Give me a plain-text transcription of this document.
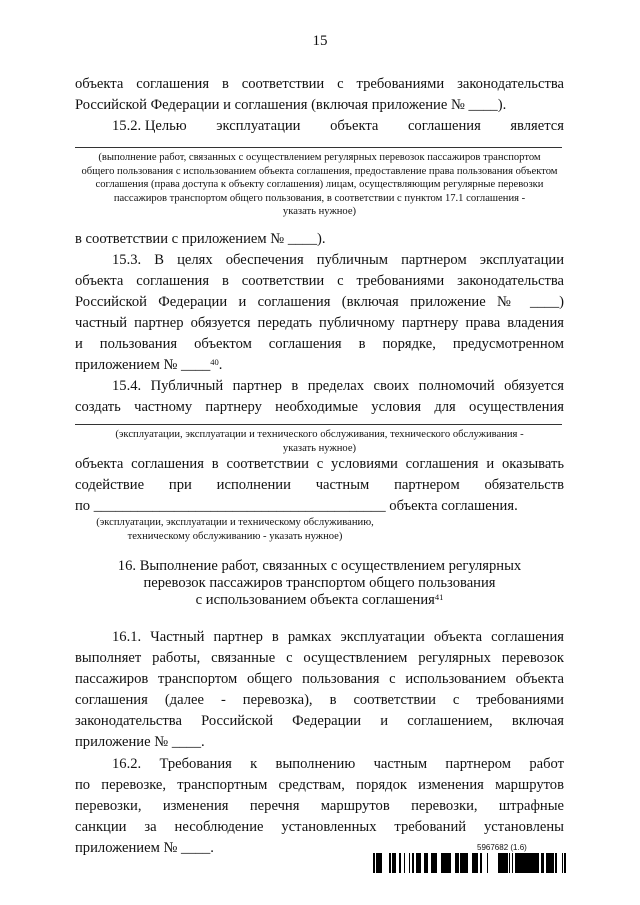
15
объекта соглашения в соответствии с требованиями законодательства
Российской Федерации и соглашения (включая приложение № ____).
15.2. Целью эксплуатации объекта соглашения является
(выполнение работ, связанных с осуществлением регулярных перевозок пассажиров транспортом
общего пользования с использованием объекта соглашения, предоставление права пользования объектом
соглашения (права доступа к объекту соглашения) лицам, осуществляющим регулярные перевозки
пассажиров транспортом общего пользования, в соответствии с пунктом 17.1 соглашения -
указать нужное)
в соответствии с приложением № ____).
15.3. В целях обеспечения публичным партнером эксплуатации
объекта соглашения в соответствии с требованиями законодательства
Российской Федерации и соглашения (включая приложение № ____)
частный партнер обязуется передать публичному партнеру права владения
и пользования объектом соглашения в порядке, предусмотренном
приложением № ____$^{40}$.
15.4. Публичный партнер в пределах своих полномочий обязуется
создать частному партнеру необходимые условия для осуществления
(эксплуатации, эксплуатации и технического обслуживания, технического обслуживания -
указать нужное)
объекта соглашения в соответствии с условиями соглашения и оказывать
содействие при исполнении частным партнером обязательств
по ________________________________________ объекта соглашения.
(эксплуатации, эксплуатации и техническому обслуживанию,
техническому обслуживанию - указать нужное)
16. Выполнение работ, связанных с осуществлением регулярных
перевозок пассажиров транспортом общего пользования
с использованием объекта соглашения$^{41}$
16.1. Частный партнер в рамках эксплуатации объекта соглашения
выполняет работы, связанные с осуществлением регулярных перевозок
пассажиров транспортом общего пользования с использованием объекта
соглашения (далее - перевозка), в соответствии с требованиями
законодательства Российской Федерации и соглашением, включая
приложение № ____.
16.2. Требования к выполнению частным партнером работ
по перевозке, транспортным средствам, порядок изменения маршрутов
перевозки, изменения перечня маршрутов перевозки, штрафные
санкции за несоблюдение установленных требований установлены
приложением № ____.	5967682 (1.6)
